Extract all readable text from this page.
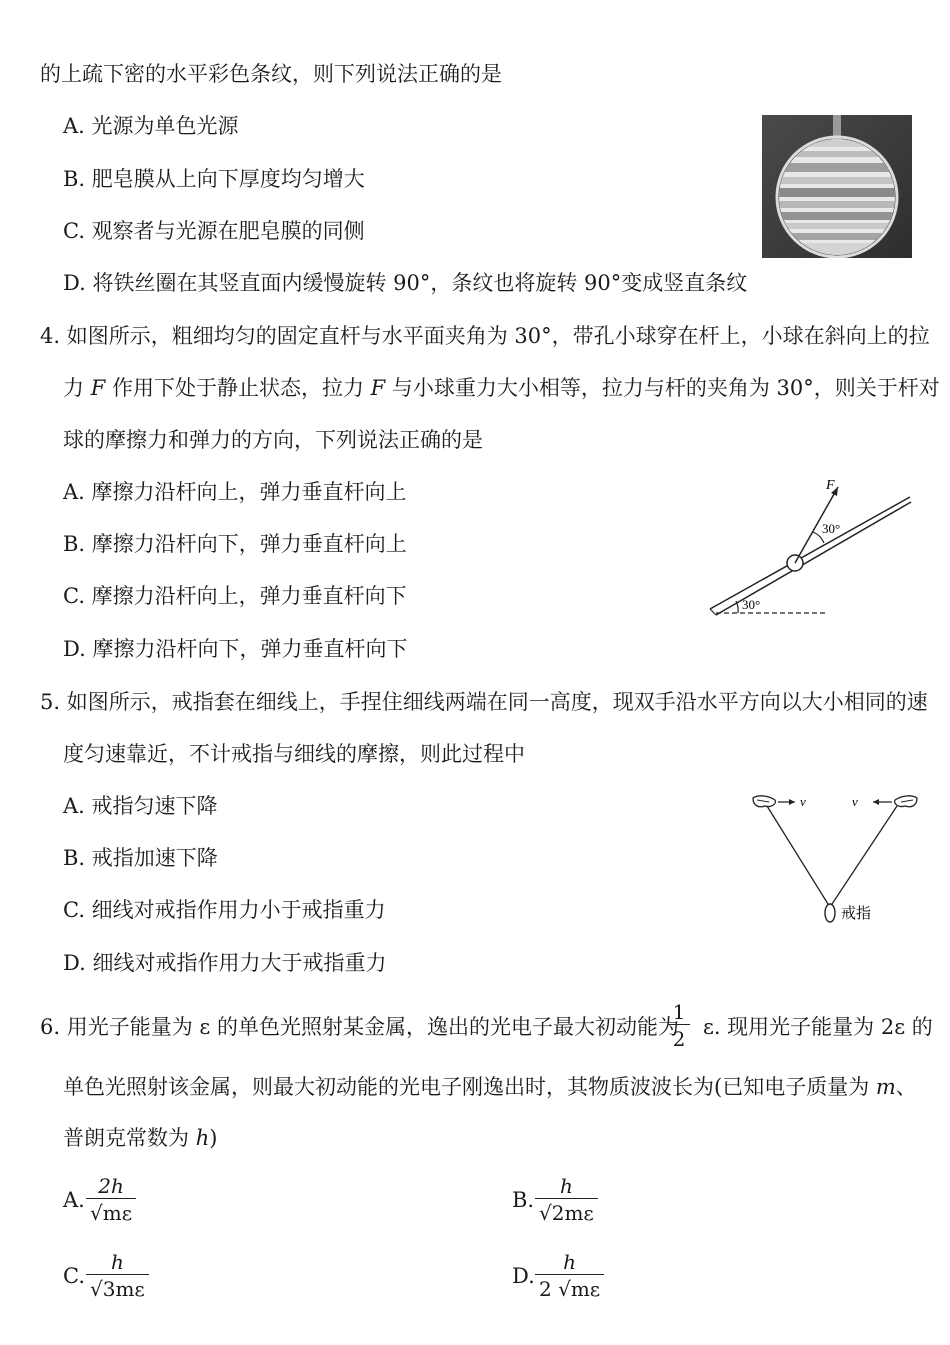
的上疏下密的水平彩色条纹，则下列说法正确的是
A. 光源为单色光源
B. 肥皂膜从上向下厚度均匀增大
C. 观察者与光源在肥皂膜的同侧
D. 将铁丝圈在其竖直面内缓慢旋转 90°，条纹也将旋转 90°变成竖直条纹
4. 如图所示，粗细均匀的固定直杆与水平面夹角为 30°，带孔小球穿在杆上，小球在斜向上的拉
力 F 作用下处于静止状态，拉力 F 与小球重力大小相等，拉力与杆的夹角为 30°，则关于杆对
球的摩擦力和弹力的方向，下列说法正确的是
A. 摩擦力沿杆向上，弹力垂直杆向上
B. 摩擦力沿杆向下，弹力垂直杆向上
C. 摩擦力沿杆向上，弹力垂直杆向下
D. 摩擦力沿杆向下，弹力垂直杆向下
30°
F
30°
5. 如图所示，戒指套在细线上，手捏住细线两端在同一高度，现双手沿水平方向以大小相同的速
度匀速靠近，不计戒指与细线的摩擦，则此过程中
A. 戒指匀速下降
B. 戒指加速下降
C. 细线对戒指作用力小于戒指重力
D. 细线对戒指作用力大于戒指重力
v	v
戒指
6. 用光子能量为 ε 的单色光照射某金属，逸出的光电子最大初动能为 ε. 现用光子能量为 2ε 的
$\frac{1}{2}$
单色光照射该金属，则最大初动能的光电子刚逸出时，其物质波波长为(已知电子质量为 m、
普朗克常数为 h)
A. $\frac{2h}{√m\varepsilon}$	B. $\frac{h}{√2m\varepsilon}$
C. $\frac{h}{√3m\varepsilon}$	D. $\frac{h}{2 √m\varepsilon}$
